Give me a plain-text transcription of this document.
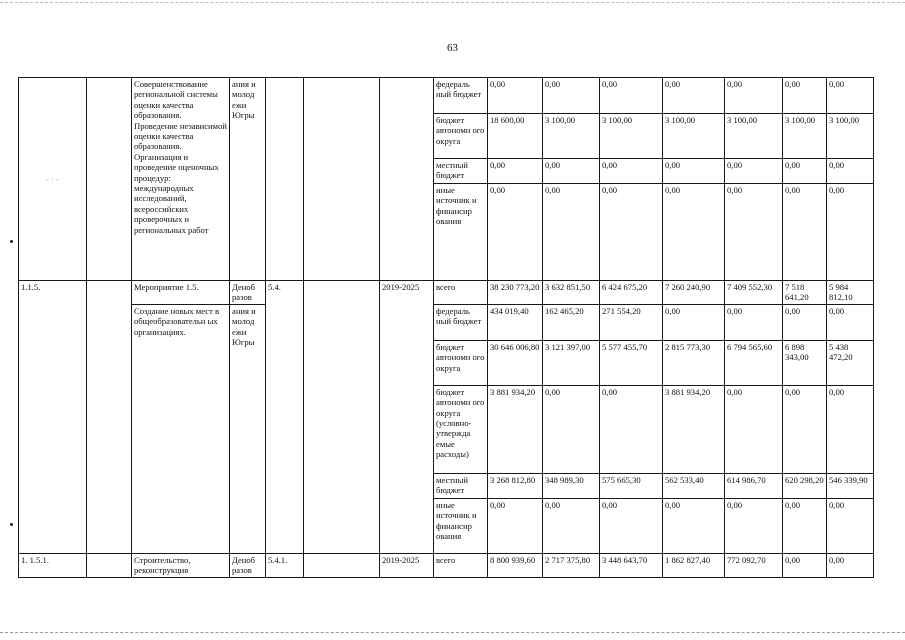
63
- · -		Совершенствование региональной системы оценки качества образования. Проведение независимой оценки качества образования. Организация и проведение оценочных процедур: международных исследований, всероссийских проверочных и региональных работ	ания и молод ежи Югры				федераль ный бюджет	0,00	0,00	0,00	0,00	0,00	0,00	0,00
							бюджет автономн ого округа	18 600,00	3 100,00	3 100,00	3 100,00	3 100,00	3 100,00	3 100,00
							местный бюджет	0,00	0,00	0,00	0,00	0,00	0,00	0,00
							иные источник и финансир ования	0,00	0,00	0,00	0,00	0,00	0,00	0,00
1.1.5.		Мероприятие 1.5.	Деноб разов	5.4.		2019-2025	всего	38 230 773,20	3 632 851,50	6 424 675,20	7 260 240,90	7 409 552,30	7 518 641,20	5 984 812,10
		Создание новых мест в общеобразовательн ых организациях.	ания и молод ежи Югры				федераль ный бюджет	434 019,40	162 465,20	271 554,20	0,00	0,00	0,00	0,00
							бюджет автономн ого округа	30 646 006,80	3 121 397,00	5 577 455,70	2 815 773,30	6 794 565,60	6 898 343,00	5 438 472,20
							бюджет автономн ого округа (условно-утвержда емые расходы)	3 881 934,20	0,00	0,00	3 881 934,20	0,00	0,00	0,00
							местный бюджет	3 268 812,80	348 989,30	575 665,30	562 533,40	614 986,70	620 298,20	546 339,90
							иные источник и финансир ования	0,00	0,00	0,00	0,00	0,00	0,00	0,00
1. 1.5.1.		Строительство, реконструкция	Деноб разов	5.4.1.		2019-2025	всего	8 800 939,60	2 717 375,80	3 448 643,70	1 862 827,40	772 092,70	0,00	0,00
